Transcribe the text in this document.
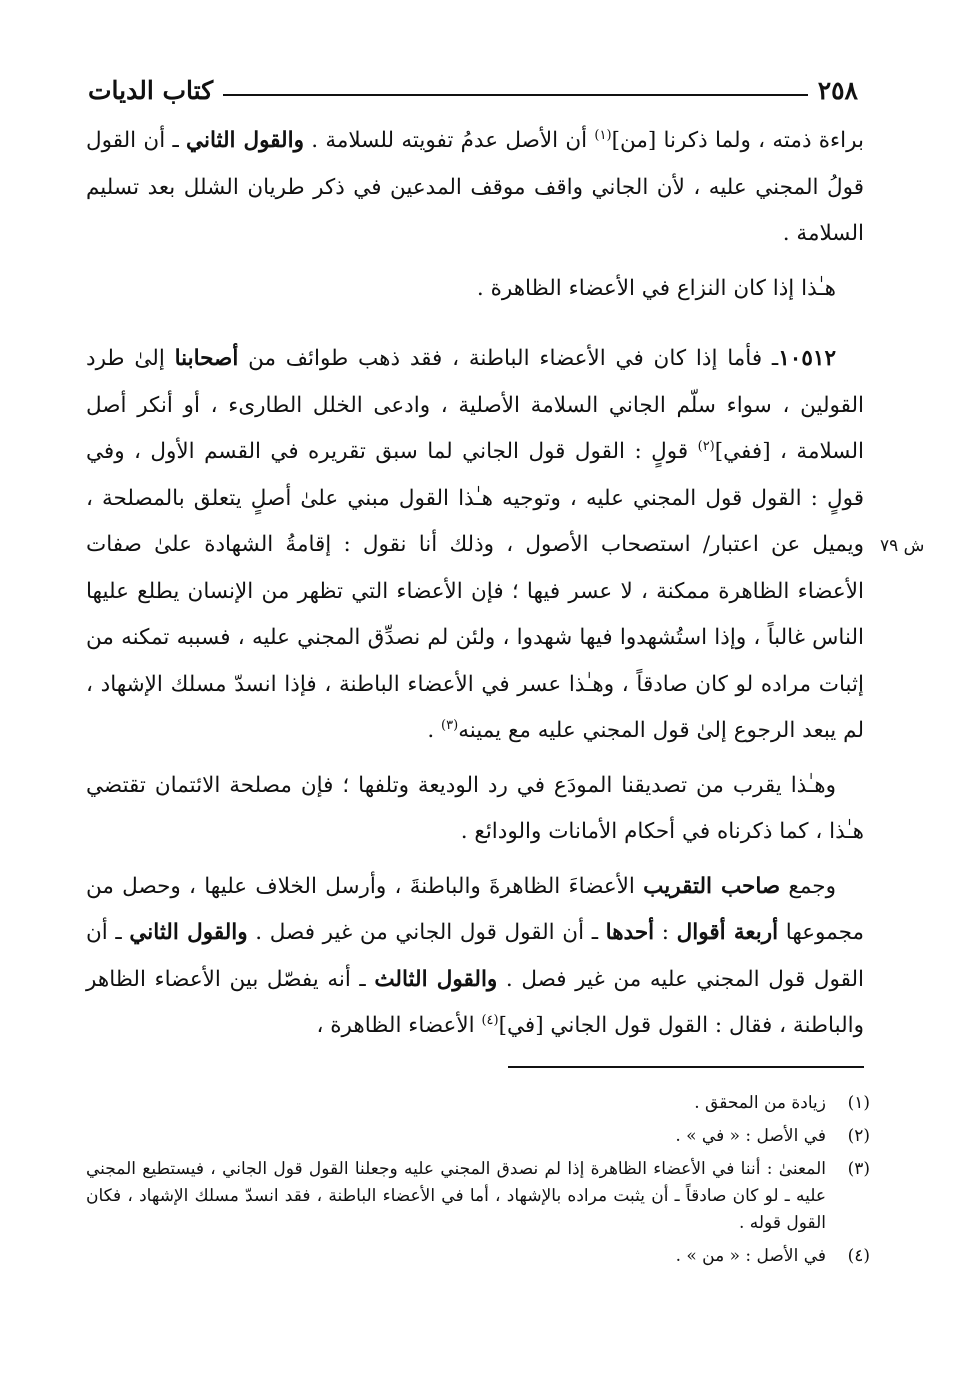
٢٥٨
كتاب الديات

براءة ذمته ، ولما ذكرنا [من]$^{(١)}$ أن الأصل عدمُ تفويته للسلامة . والقول الثاني ـ أن القول قولُ المجني عليه ، لأن الجاني واقف موقف المدعين في ذكر طريان الشلل بعد تسليم السلامة .

هـٰذا إذا كان النزاع في الأعضاء الظاهرة .

١٠٥١٢ـ فأما إذا كان في الأعضاء الباطنة ، فقد ذهب طوائف من أصحابنا إلىٰ طرد القولين ، سواء سلّم الجاني السلامة الأصلية ، وادعى الخلل الطارىء ، أو أنكر أصل السلامة ، [ففي]$^{(٢)}$ قولٍ : القول قول الجاني لما سبق تقريره في القسم الأول ، وفي قولٍ : القول قول المجني عليه ، وتوجيه هـٰذا القول مبني علىٰ أصلٍ يتعلق بالمصلحة ، ويميل عن اعتبار/ استصحاب الأصول ، وذلك أنا نقول : إقامةُ الشهادة علىٰ صفات الأعضاء الظاهرة ممكنة ، لا عسر فيها ؛ فإن الأعضاء التي تظهر من الإنسان يطلع عليها الناس غالباً ، وإذا استُشهدوا فيها شهدوا ، ولئن لم نصدِّق المجني عليه ، فسببه تمكنه من إثبات مراده لو كان صادقاً ، وهـٰذا عسر في الأعضاء الباطنة ، فإذا انسدّ مسلك الإشهاد ، لم يبعد الرجوع إلىٰ قول المجني عليه مع يمينه$^{(٣)}$ .

وهـٰذا يقرب من تصديقنا المودَع في رد الوديعة وتلفها ؛ فإن مصلحة الائتمان تقتضي هـٰذا ، كما ذكرناه في أحكام الأمانات والودائع .

وجمع صاحب التقريب الأعضاءَ الظاهرةَ والباطنةَ ، وأرسل الخلاف عليها ، وحصل من مجموعها أربعة أقوال : أحدها ـ أن القول قول الجاني من غير فصل . والقول الثاني ـ أن القول قول المجني عليه من غير فصل . والقول الثالث ـ أنه يفصّل بين الأعضاء الظاهر والباطنة ، فقال : القول قول الجاني [في]$^{(٤)}$ الأعضاء الظاهرة ،

ش ٧٩
(١)
زيادة من المحقق .
(٢)
في الأصل : « في » .
(٣)
المعنىٰ : أننا في الأعضاء الظاهرة إذا لم نصدق المجني عليه وجعلنا القول قول الجاني ، فيستطيع المجني عليه ـ لو كان صادقاً ـ أن يثبت مراده بالإشهاد ، أما في الأعضاء الباطنة ، فقد انسدّ مسلك الإشهاد ، فكان القول قوله .
(٤)
في الأصل : « من » .
